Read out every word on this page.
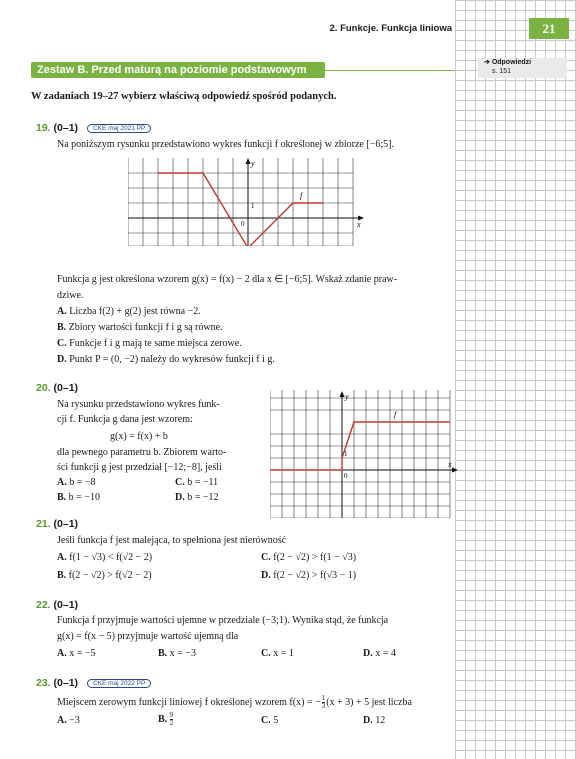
21
2. Funkcje. Funkcja liniowa
➔ Odpowiedzi
s. 151
Zestaw B. Przed maturą na poziomie podstawowym
W zadaniach 19–27 wybierz właściwą odpowiedź spośród podanych.
19. (0–1) CKE maj 2021 PP
Na poniższym rysunku przedstawiono wykres funkcji f określonej w zbiorze [−6;5].
y
x
f
1
0
Funkcja g jest określona wzorem g(x) = f(x) − 2 dla x ∈ [−6;5]. Wskaż zdanie praw-
dziwe.
A. Liczba f(2) + g(2) jest równa −2.
B. Zbiory wartości funkcji f i g są równe.
C. Funkcje f i g mają te same miejsca zerowe.
D. Punkt P = (0, −2) należy do wykresów funkcji f i g.
20. (0–1)
Na rysunku przedstawiono wykres funk-
cji f. Funkcja g dana jest wzorem:
g(x) = f(x) + b
dla pewnego parametru b. Zbiorem warto-
ści funkcji g jest przedział [−12;−8], jeśli
A. b = −8	C. b = −11
B. b = −10	D. b = −12
y
x
f
1
0
21. (0–1)
Jeśli funkcja f jest malejąca, to spełniona jest nierówność
A. f(1 − √3) < f(√2 − 2)	C. f(2 − √2) > f(1 − √3)
B. f(2 − √2) > f(√2 − 2)	D. f(2 − √2) > f(√3 − 1)
22. (0–1)
Funkcja f przyjmuje wartości ujemne w przedziale (−3;1). Wynika stąd, że funkcja
g(x) = f(x − 5) przyjmuje wartość ujemną dla
A. x = −5	B. x = −3	C. x = 1	D. x = 4
23. (0–1) CKE maj 2022 PP
Miejscem zerowym funkcji liniowej f określonej wzorem f(x) = − $\frac{1}{3} (x + 3) + 5$ jest liczba
A. −3	B. $\frac{9}{2}$	C. 5	D. 12
